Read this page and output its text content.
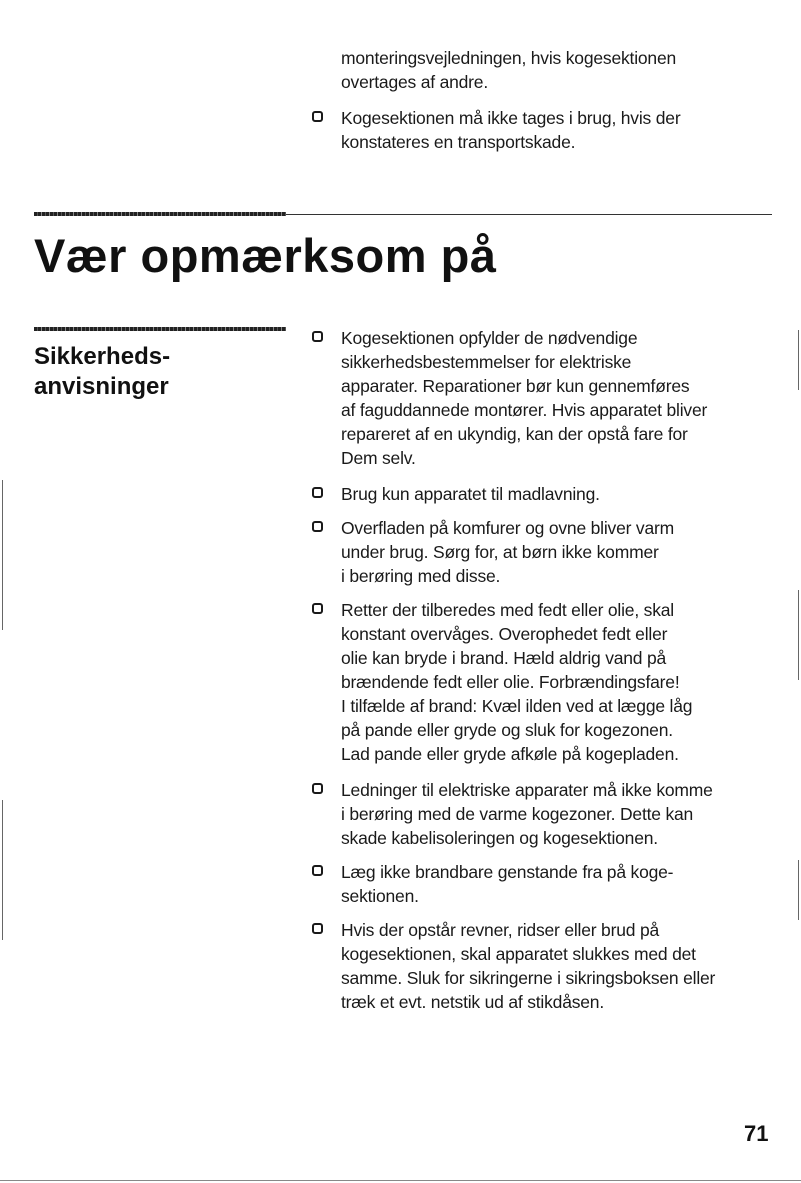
monteringsvejledningen, hvis kogesektionen
overtages af andre.

Kogesektionen må ikke tages i brug, hvis der
konstateres en transportskade.

Vær opmærksom på
Sikkerheds-
anvisninger

Kogesektionen opfylder de nødvendige
sikkerhedsbestemmelser for elektriske
apparater. Reparationer bør kun gennemføres
af faguddannede montører. Hvis apparatet bliver
repareret af en ukyndig, kan der opstå fare for
Dem selv.

Brug kun apparatet til madlavning.

Overfladen på komfurer og ovne bliver varm
under brug. Sørg for, at børn ikke kommer
i berøring med disse.

Retter der tilberedes med fedt eller olie, skal
konstant overvåges. Overophedet fedt eller
olie kan bryde i brand. Hæld aldrig vand på
brændende fedt eller olie. Forbrændingsfare!
I tilfælde af brand: Kvæl ilden ved at lægge låg
på pande eller gryde og sluk for kogezonen.
Lad pande eller gryde afkøle på kogepladen.

Ledninger til elektriske apparater må ikke komme
i berøring med de varme kogezoner. Dette kan
skade kabelisoleringen og kogesektionen.

Læg ikke brandbare genstande fra på koge-
sektionen.

Hvis der opstår revner, ridser eller brud på
kogesektionen, skal apparatet slukkes med det
samme. Sluk for sikringerne i sikringsboksen eller
træk et evt. netstik ud af stikdåsen.

71
